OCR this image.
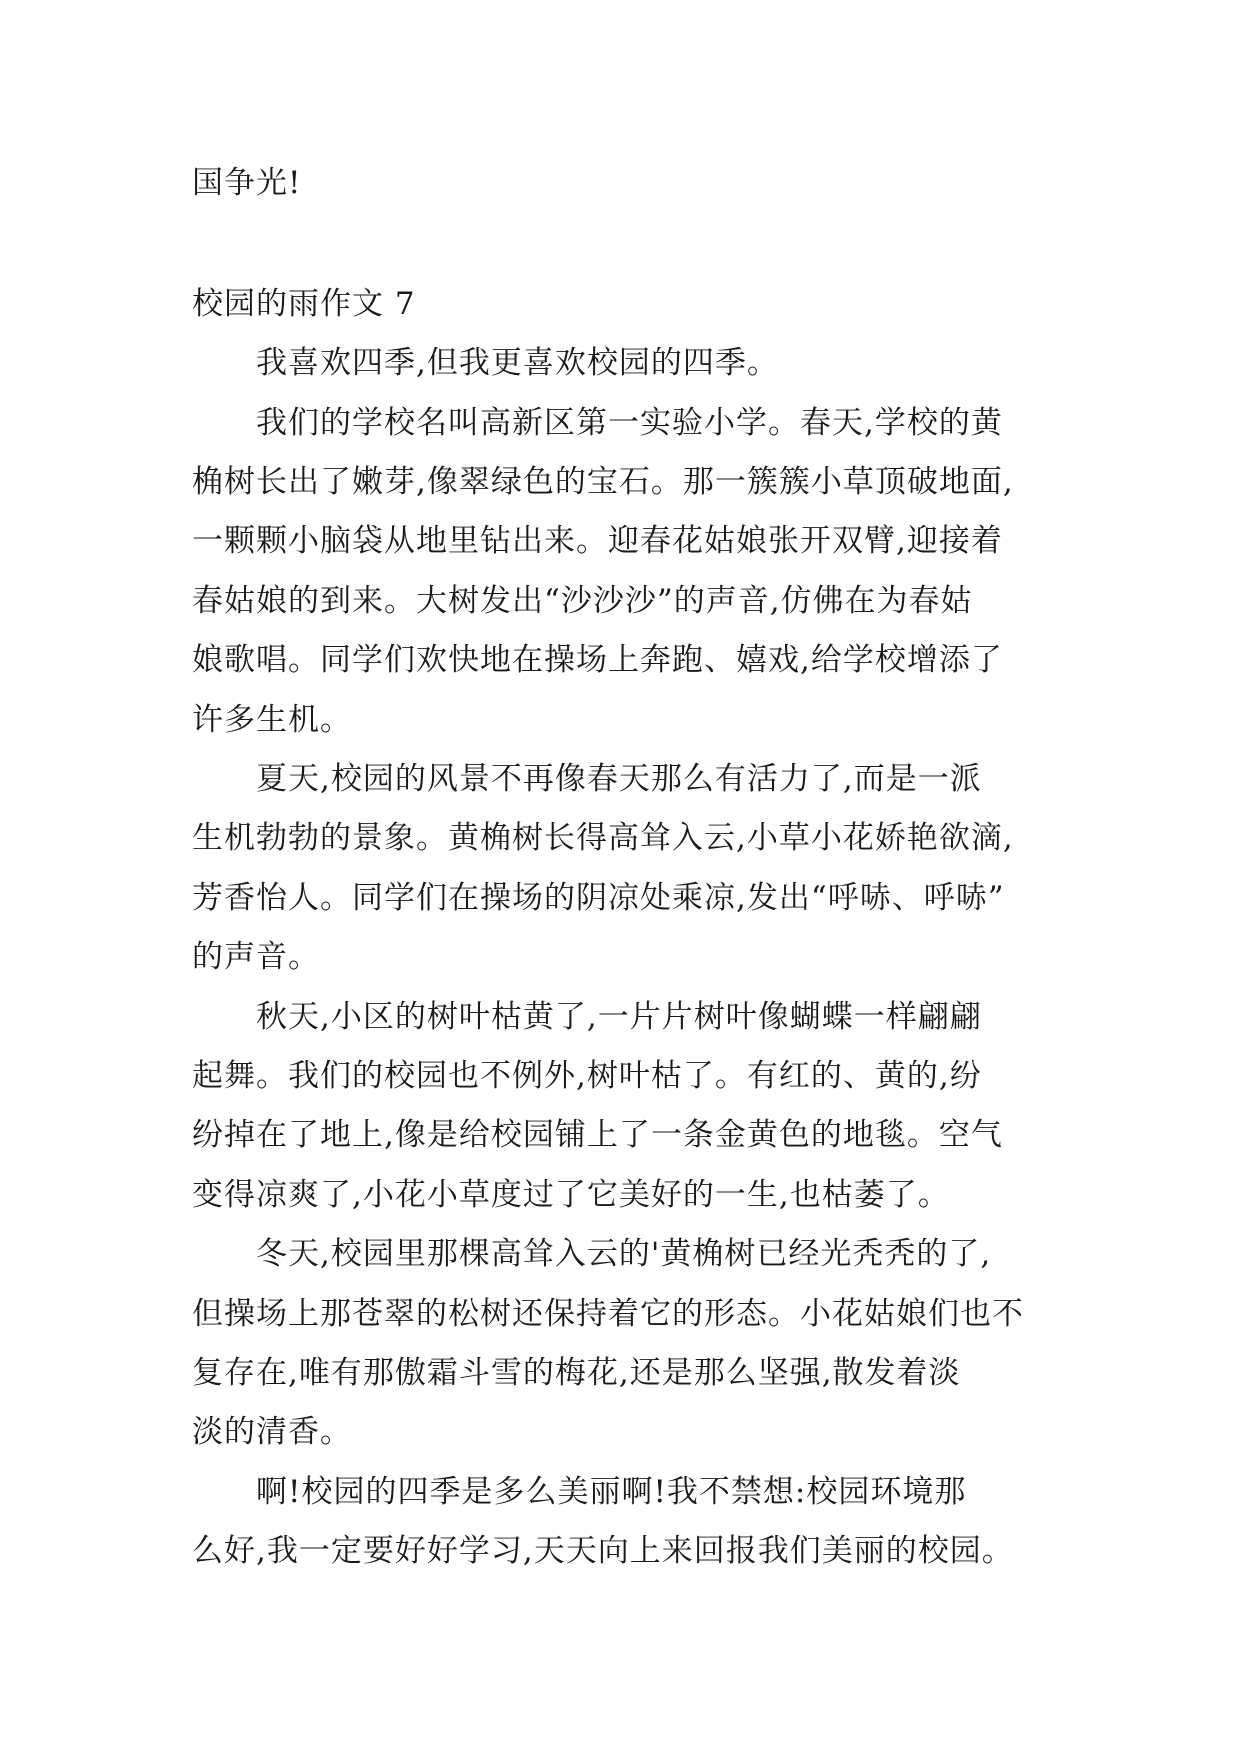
国争光!
校园的雨作文 7
我喜欢四季,但我更喜欢校园的四季。
我们的学校名叫高新区第一实验小学。春天,学校的黄
桷树长出了嫩芽,像翠绿色的宝石。那一簇簇小草顶破地面,
一颗颗小脑袋从地里钻出来。迎春花姑娘张开双臂,迎接着
春姑娘的到来。大树发出“沙沙沙”的声音,仿佛在为春姑
娘歌唱。同学们欢快地在操场上奔跑、嬉戏,给学校增添了
许多生机。
夏天,校园的风景不再像春天那么有活力了,而是一派
生机勃勃的景象。黄桷树长得高耸入云,小草小花娇艳欲滴,
芳香怡人。同学们在操场的阴凉处乘凉,发出“呼哧、呼哧”
的声音。
秋天,小区的树叶枯黄了,一片片树叶像蝴蝶一样翩翩
起舞。我们的校园也不例外,树叶枯了。有红的、黄的,纷
纷掉在了地上,像是给校园铺上了一条金黄色的地毯。空气
变得凉爽了,小花小草度过了它美好的一生,也枯萎了。
冬天,校园里那棵高耸入云的'黄桷树已经光秃秃的了,
但操场上那苍翠的松树还保持着它的形态。小花姑娘们也不
复存在,唯有那傲霜斗雪的梅花,还是那么坚强,散发着淡
淡的清香。
啊!校园的四季是多么美丽啊!我不禁想:校园环境那
么好,我一定要好好学习,天天向上来回报我们美丽的校园。
